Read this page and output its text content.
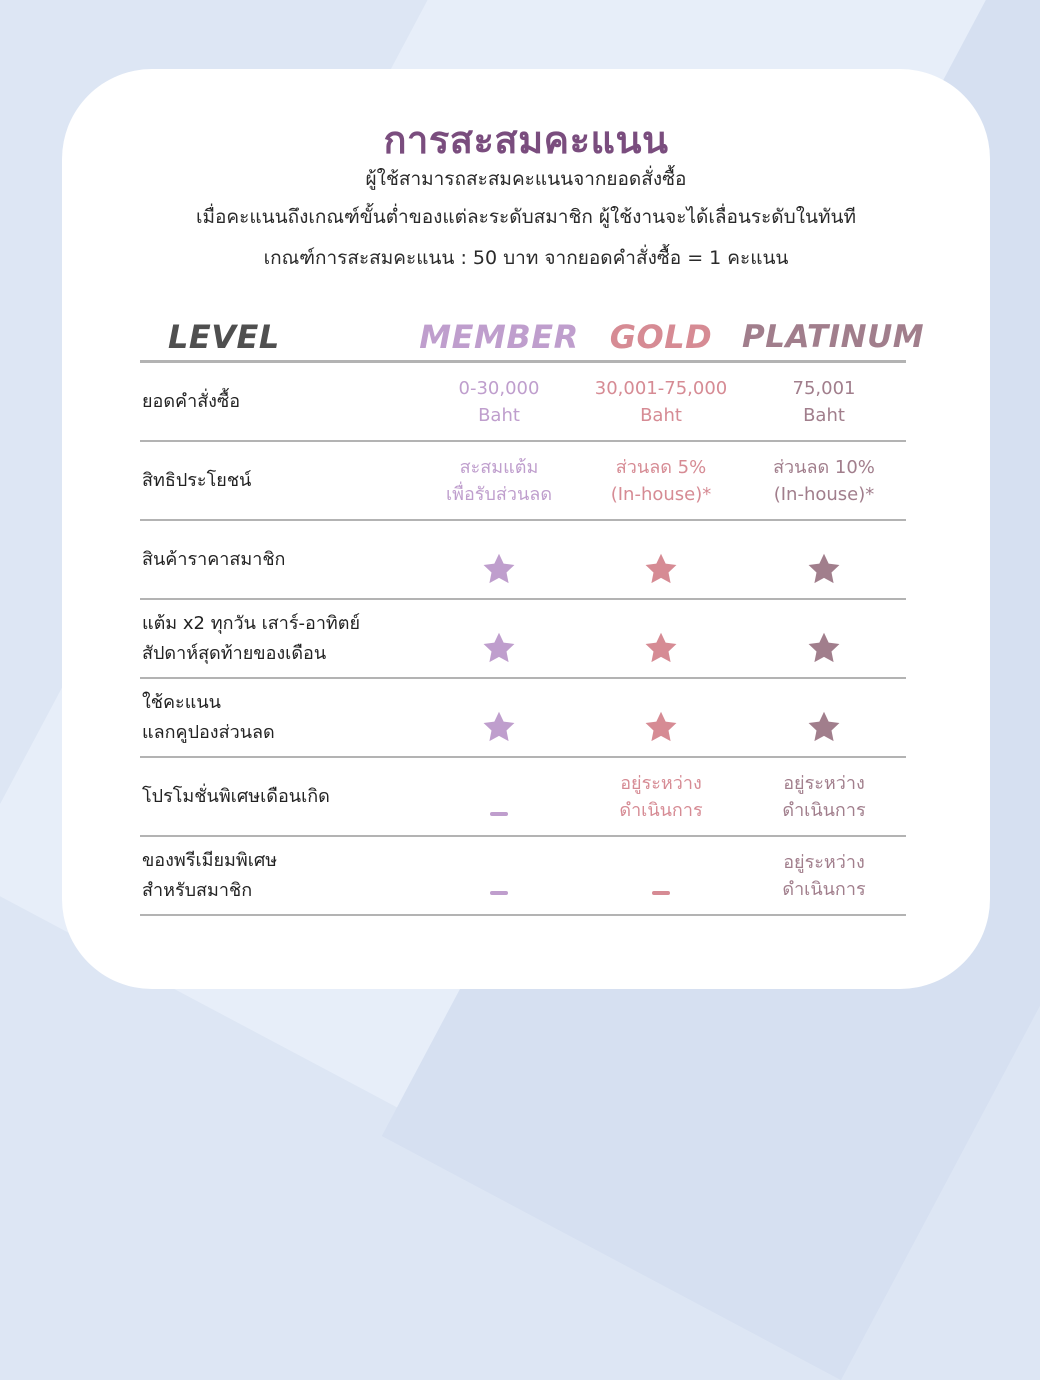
การสะสมคะแนน
ผู้ใช้สามารถสะสมคะแนนจากยอดสั่งซื้อ
เมื่อคะแนนถึงเกณฑ์ขั้นต่ำของแต่ละระดับสมาชิก ผู้ใช้งานจะได้เลื่อนระดับในทันที
เกณฑ์การสะสมคะแนน : 50 บาท จากยอดคำสั่งซื้อ = 1 คะแนน
LEVEL	MEMBER GOLD PLATINUM
ยอดคำสั่งซื้อ
0-30,000
Baht
30,001-75,000
Baht
75,001
Baht
สิทธิประโยชน์
สะสมแต้ม
เพื่อรับส่วนลด
ส่วนลด 5%
(In-house)*
ส่วนลด 10%
(In-house)*
สินค้าราคาสมาชิก

แต้ม x2 ทุกวัน เสาร์-อาทิตย์
สัปดาห์สุดท้ายของเดือน

ใช้คะแนน
แลกคูปองส่วนลด

โปรโมชั่นพิเศษเดือนเกิด

อยู่ระหว่าง
ดำเนินการ
อยู่ระหว่าง
ดำเนินการ
ของพรีเมียมพิเศษ
สำหรับสมาชิก

อยู่ระหว่าง
ดำเนินการ
